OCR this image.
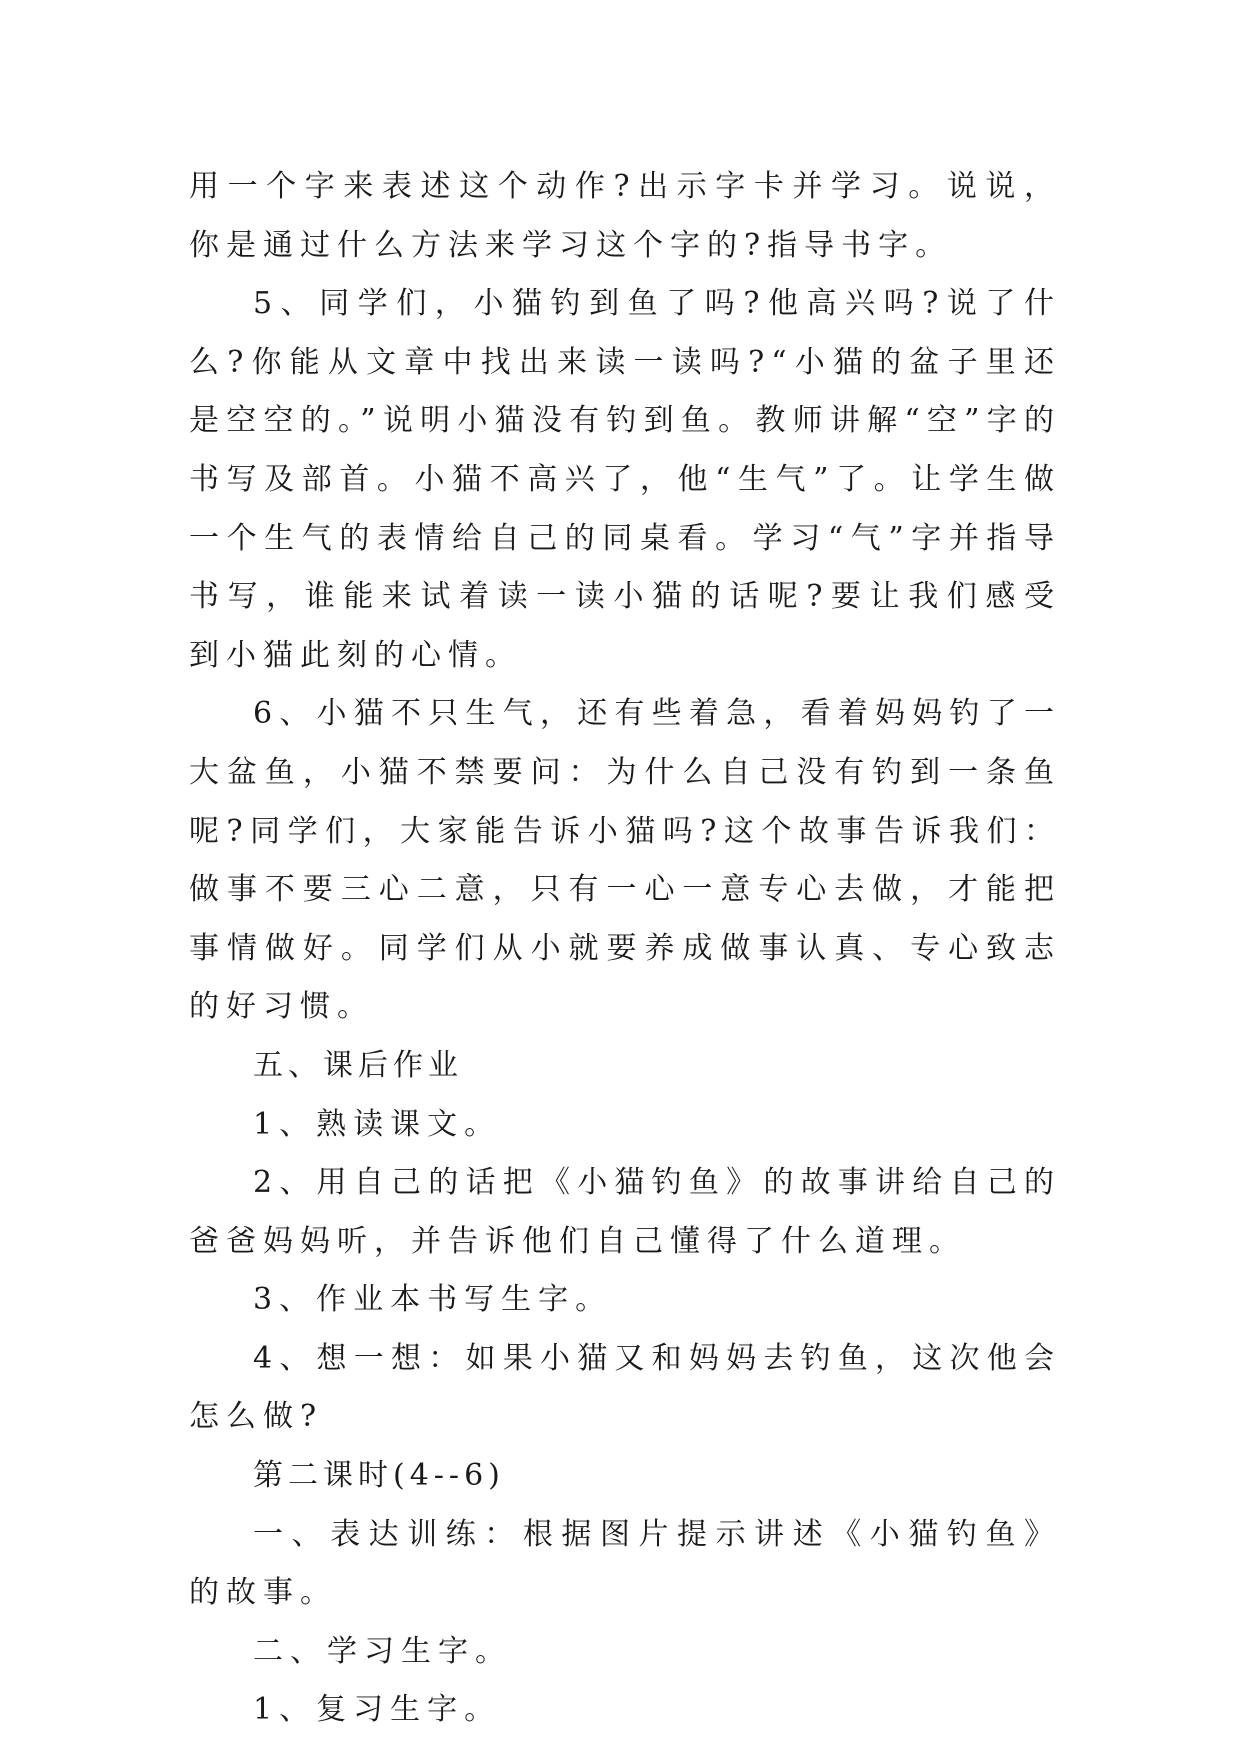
用一个字来表述这个动作?出示字卡并学习。说说，你是通过什么方法来学习这个字的?指导书字。

5、同学们，小猫钓到鱼了吗?他高兴吗?说了什么?你能从文章中找出来读一读吗?“小猫的盆子里还是空空的。”说明小猫没有钓到鱼。教师讲解“空”字的书写及部首。小猫不高兴了，他“生气”了。让学生做一个生气的表情给自己的同桌看。学习“气”字并指导书写，谁能来试着读一读小猫的话呢?要让我们感受到小猫此刻的心情。

6、小猫不只生气，还有些着急，看着妈妈钓了一大盆鱼，小猫不禁要问：为什么自己没有钓到一条鱼呢?同学们，大家能告诉小猫吗?这个故事告诉我们：做事不要三心二意，只有一心一意专心去做，才能把事情做好。同学们从小就要养成做事认真、专心致志的好习惯。

五、课后作业

1、熟读课文。

2、用自己的话把《小猫钓鱼》的故事讲给自己的爸爸妈妈听，并告诉他们自己懂得了什么道理。

3、作业本书写生字。

4、想一想：如果小猫又和妈妈去钓鱼，这次他会怎么做?

第二课时(4--6)

一、表达训练：根据图片提示讲述《小猫钓鱼》的故事。

二、学习生字。

1、复习生字。
